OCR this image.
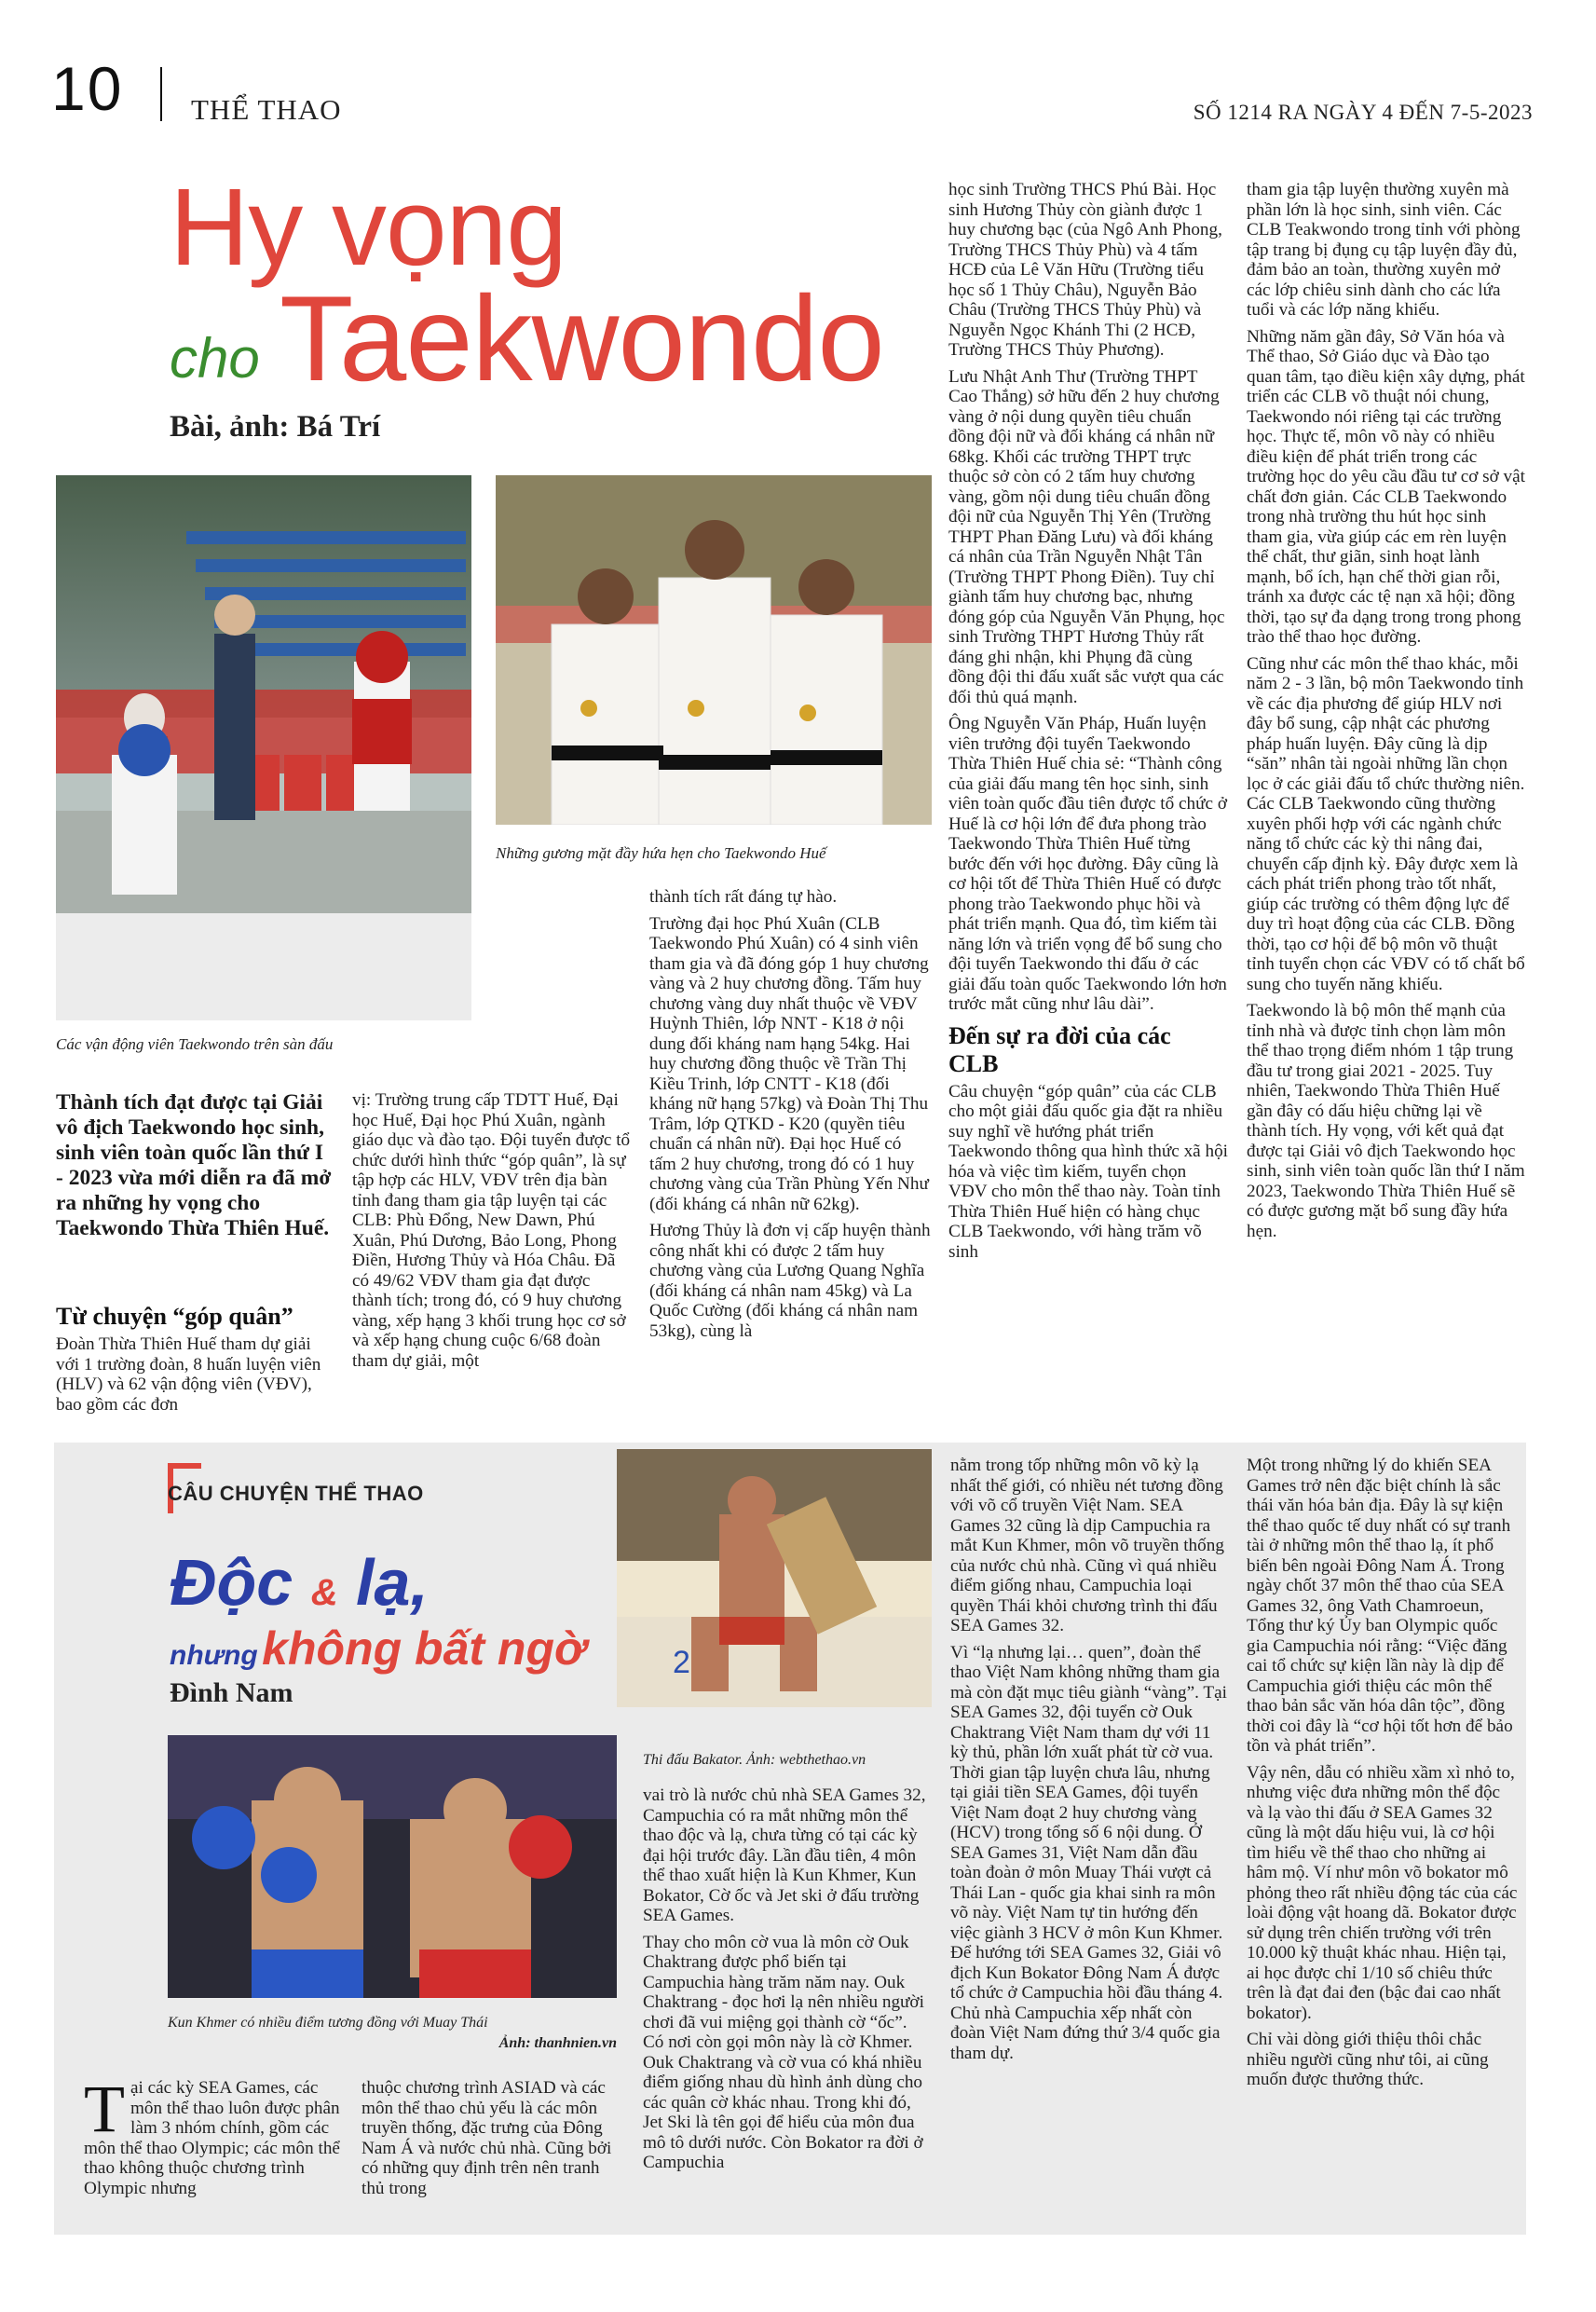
10 THỂ THAO	SỐ 1214 RA NGÀY 4 ĐẾN 7-5-2023
Hy vọng
cho Taekwondo
Bài, ảnh: Bá Trí
Các vận động viên Taekwondo trên sàn đấu
Những gương mặt đầy hứa hẹn cho Taekwondo Huế
Thành tích đạt được tại Giải vô địch Taekwondo học sinh, sinh viên toàn quốc lần thứ I - 2023 vừa mới diễn ra đã mở ra những hy vọng cho Taekwondo Thừa Thiên Huế.
Từ chuyện “góp quân”

Đoàn Thừa Thiên Huế tham dự giải với 1 trường đoàn, 8 huấn luyện viên (HLV) và 62 vận động viên (VĐV), bao gồm các đơn

vị: Trường trung cấp TDTT Huế, Đại học Huế, Đại học Phú Xuân, ngành giáo dục và đào tạo. Đội tuyển được tổ chức dưới hình thức “góp quân”, là sự tập hợp các HLV, VĐV trên địa bàn tỉnh đang tham gia tập luyện tại các CLB: Phù Đổng, New Dawn, Phú Xuân, Phú Dương, Bảo Long, Phong Điền, Hương Thủy và Hóa Châu. Đã có 49/62 VĐV tham gia đạt được thành tích; trong đó, có 9 huy chương vàng, xếp hạng 3 khối trung học cơ sở và xếp hạng chung cuộc 6/68 đoàn tham dự giải, một

thành tích rất đáng tự hào.

Trường đại học Phú Xuân (CLB Taekwondo Phú Xuân) có 4 sinh viên tham gia và đã đóng góp 1 huy chương vàng và 2 huy chương đồng. Tấm huy chương vàng duy nhất thuộc về VĐV Huỳnh Thiên, lớp NNT - K18 ở nội dung đối kháng nam hạng 54kg. Hai huy chương đồng thuộc về Trần Thị Kiều Trinh, lớp CNTT - K18 (đối kháng nữ hạng 57kg) và Đoàn Thị Thu Trâm, lớp QTKD - K20 (quyền tiêu chuẩn cá nhân nữ). Đại học Huế có tấm 2 huy chương, trong đó có 1 huy chương vàng của Trần Phùng Yến Như (đối kháng cá nhân nữ 62kg).

Hương Thủy là đơn vị cấp huyện thành công nhất khi có được 2 tấm huy chương vàng của Lương Quang Nghĩa (đối kháng cá nhân nam 45kg) và La Quốc Cường (đối kháng cá nhân nam 53kg), cùng là

học sinh Trường THCS Phú Bài. Học sinh Hương Thủy còn giành được 1 huy chương bạc (của Ngô Anh Phong, Trường THCS Thủy Phù) và 4 tấm HCĐ của Lê Văn Hữu (Trường tiểu học số 1 Thủy Châu), Nguyễn Bảo Châu (Trường THCS Thủy Phù) và Nguyễn Ngọc Khánh Thi (2 HCĐ, Trường THCS Thủy Phương).

Lưu Nhật Anh Thư (Trường THPT Cao Thắng) sở hữu đến 2 huy chương vàng ở nội dung quyền tiêu chuẩn đồng đội nữ và đối kháng cá nhân nữ 68kg. Khối các trường THPT trực thuộc sở còn có 2 tấm huy chương vàng, gồm nội dung tiêu chuẩn đồng đội nữ của Nguyễn Thị Yên (Trường THPT Phan Đăng Lưu) và đối kháng cá nhân của Trần Nguyễn Nhật Tân (Trường THPT Phong Điền). Tuy chỉ giành tấm huy chương bạc, nhưng đóng góp của Nguyễn Văn Phụng, học sinh Trường THPT Hương Thủy rất đáng ghi nhận, khi Phụng đã cùng đồng đội thi đấu xuất sắc vượt qua các đối thủ quá mạnh.

Ông Nguyễn Văn Pháp, Huấn luyện viên trưởng đội tuyển Taekwondo Thừa Thiên Huế chia sẻ: “Thành công của giải đấu mang tên học sinh, sinh viên toàn quốc đầu tiên được tổ chức ở Huế là cơ hội lớn để đưa phong trào Taekwondo Thừa Thiên Huế từng bước đến với học đường. Đây cũng là cơ hội tốt để Thừa Thiên Huế có được phong trào Taekwondo phục hồi và phát triển mạnh. Qua đó, tìm kiếm tài năng lớn và triển vọng để bổ sung cho đội tuyển Taekwondo thi đấu ở các giải đấu toàn quốc Taekwondo lớn hơn trước mắt cũng như lâu dài”.

Đến sự ra đời của các CLB

Câu chuyện “góp quân” của các CLB cho một giải đấu quốc gia đặt ra nhiều suy nghĩ về hướng phát triển Taekwondo thông qua hình thức xã hội hóa và việc tìm kiếm, tuyển chọn VĐV cho môn thể thao này. Toàn tỉnh Thừa Thiên Huế hiện có hàng chục CLB Taekwondo, với hàng trăm võ sinh

tham gia tập luyện thường xuyên mà phần lớn là học sinh, sinh viên. Các CLB Teakwondo trong tỉnh với phòng tập trang bị đụng cụ tập luyện đầy đủ, đảm bảo an toàn, thường xuyên mở các lớp chiêu sinh dành cho các lứa tuổi và các lớp năng khiếu.

Những năm gần đây, Sở Văn hóa và Thể thao, Sở Giáo dục và Đào tạo quan tâm, tạo điều kiện xây dựng, phát triển các CLB võ thuật nói chung, Taekwondo nói riêng tại các trường học. Thực tế, môn võ này có nhiều điều kiện để phát triển trong các trường học do yêu cầu đầu tư cơ sở vật chất đơn giản. Các CLB Taekwondo trong nhà trường thu hút học sinh tham gia, vừa giúp các em rèn luyện thể chất, thư giãn, sinh hoạt lành mạnh, bổ ích, hạn chế thời gian rỗi, tránh xa được các tệ nạn xã hội; đồng thời, tạo sự đa dạng trong trong phong trào thể thao học đường.

Cũng như các môn thể thao khác, mỗi năm 2 - 3 lần, bộ môn Taekwondo tỉnh về các địa phương để giúp HLV nơi đây bổ sung, cập nhật các phương pháp huấn luyện. Đây cũng là dịp “săn” nhân tài ngoài những lần chọn lọc ở các giải đấu tổ chức thường niên. Các CLB Taekwondo cũng thường xuyên phối hợp với các ngành chức năng tổ chức các kỳ thi nâng đai, chuyển cấp định kỳ. Đây được xem là cách phát triển phong trào tốt nhất, giúp các trường có thêm động lực để duy trì hoạt động của các CLB. Đồng thời, tạo cơ hội để bộ môn võ thuật tỉnh tuyển chọn các VĐV có tố chất bổ sung cho tuyến năng khiếu.

Taekwondo là bộ môn thế mạnh của tỉnh nhà và được tỉnh chọn làm môn thể thao trọng điểm nhóm 1 tập trung đầu tư trong giai 2021 - 2025. Tuy nhiên, Taekwondo Thừa Thiên Huế gần đây có dấu hiệu chững lại về thành tích. Hy vọng, với kết quả đạt được tại Giải vô địch Taekwondo học sinh, sinh viên toàn quốc lần thứ I năm 2023, Taekwondo Thừa Thiên Huế sẽ có được gương mặt bổ sung đầy hứa hẹn.

CÂU CHUYỆN THỂ THAO
Độc & lạ,
nhưng không bất ngờ
Đình Nam
Kun Khmer có nhiều điểm tương đồng với Muay Thái
Ảnh: thanhnien.vn
2
Thi đấu Bakator. Ảnh: webthethao.vn

Tại các kỳ SEA Games, các môn thể thao luôn được phân làm 3 nhóm chính, gồm các môn thể thao Olympic; các môn thể thao không thuộc chương trình Olympic nhưng

thuộc chương trình ASIAD và các môn thể thao chủ yếu là các môn truyền thống, đặc trưng của Đông Nam Á và nước chủ nhà. Cũng bởi có những quy định trên nên tranh thủ trong

vai trò là nước chủ nhà SEA Games 32, Campuchia có ra mắt những môn thể thao độc và lạ, chưa từng có tại các kỳ đại hội trước đây. Lần đầu tiên, 4 môn thể thao xuất hiện là Kun Khmer, Kun Bokator, Cờ ốc và Jet ski ở đấu trường SEA Games.

Thay cho môn cờ vua là môn cờ Ouk Chaktrang được phổ biến tại Campuchia hàng trăm năm nay. Ouk Chaktrang - đọc hơi lạ nên nhiều người chơi đã vui miệng gọi thành cờ “ốc”. Có nơi còn gọi môn này là cờ Khmer. Ouk Chaktrang và cờ vua có khá nhiều điểm giống nhau dù hình ảnh dùng cho các quân cờ khác nhau. Trong khi đó, Jet Ski là tên gọi để hiểu của môn đua mô tô dưới nước. Còn Bokator ra đời ở Campuchia

nằm trong tốp những môn võ kỳ lạ nhất thế giới, có nhiều nét tương đồng với võ cổ truyền Việt Nam. SEA Games 32 cũng là dịp Campuchia ra mắt Kun Khmer, môn võ truyền thống của nước chủ nhà. Cũng vì quá nhiều điểm giống nhau, Campuchia loại quyền Thái khỏi chương trình thi đấu SEA Games 32.

Vì “lạ nhưng lại… quen”, đoàn thể thao Việt Nam không những tham gia mà còn đặt mục tiêu giành “vàng”. Tại SEA Games 32, đội tuyển cờ Ouk Chaktrang Việt Nam tham dự với 11 kỳ thủ, phần lớn xuất phát từ cờ vua. Thời gian tập luyện chưa lâu, nhưng tại giải tiền SEA Games, đội tuyển Việt Nam đoạt 2 huy chương vàng (HCV) trong tổng số 6 nội dung. Ở SEA Games 31, Việt Nam dẫn đầu toàn đoàn ở môn Muay Thái vượt cả Thái Lan - quốc gia khai sinh ra môn võ này. Việt Nam tự tin hướng đến việc giành 3 HCV ở môn Kun Khmer. Để hướng tới SEA Games 32, Giải vô địch Kun Bokator Đông Nam Á được tổ chức ở Campuchia hồi đầu tháng 4. Chủ nhà Campuchia xếp nhất còn đoàn Việt Nam đứng thứ 3/4 quốc gia tham dự.

Một trong những lý do khiến SEA Games trở nên đặc biệt chính là sắc thái văn hóa bản địa. Đây là sự kiện thể thao quốc tế duy nhất có sự tranh tài ở những môn thể thao lạ, ít phổ biến bên ngoài Đông Nam Á. Trong ngày chốt 37 môn thể thao của SEA Games 32, ông Vath Chamroeun, Tổng thư ký Ủy ban Olympic quốc gia Campuchia nói rằng: “Việc đăng cai tổ chức sự kiện lần này là dịp để Campuchia giới thiệu các môn thể thao bản sắc văn hóa dân tộc”, đồng thời coi đây là “cơ hội tốt hơn để bảo tồn và phát triển”.

Vậy nên, dẫu có nhiều xầm xì nhỏ to, nhưng việc đưa những môn thể độc và lạ vào thi đấu ở SEA Games 32 cũng là một dấu hiệu vui, là cơ hội tìm hiểu về thể thao cho những ai hâm mộ. Ví như môn võ bokator mô phỏng theo rất nhiều động tác của các loài động vật hoang dã. Bokator được sử dụng trên chiến trường với trên 10.000 kỹ thuật khác nhau. Hiện tại, ai học được chỉ 1/10 số chiêu thức trên là đạt đai đen (bậc đai cao nhất bokator).

Chỉ vài dòng giới thiệu thôi chắc nhiều người cũng như tôi, ai cũng muốn được thưởng thức.
